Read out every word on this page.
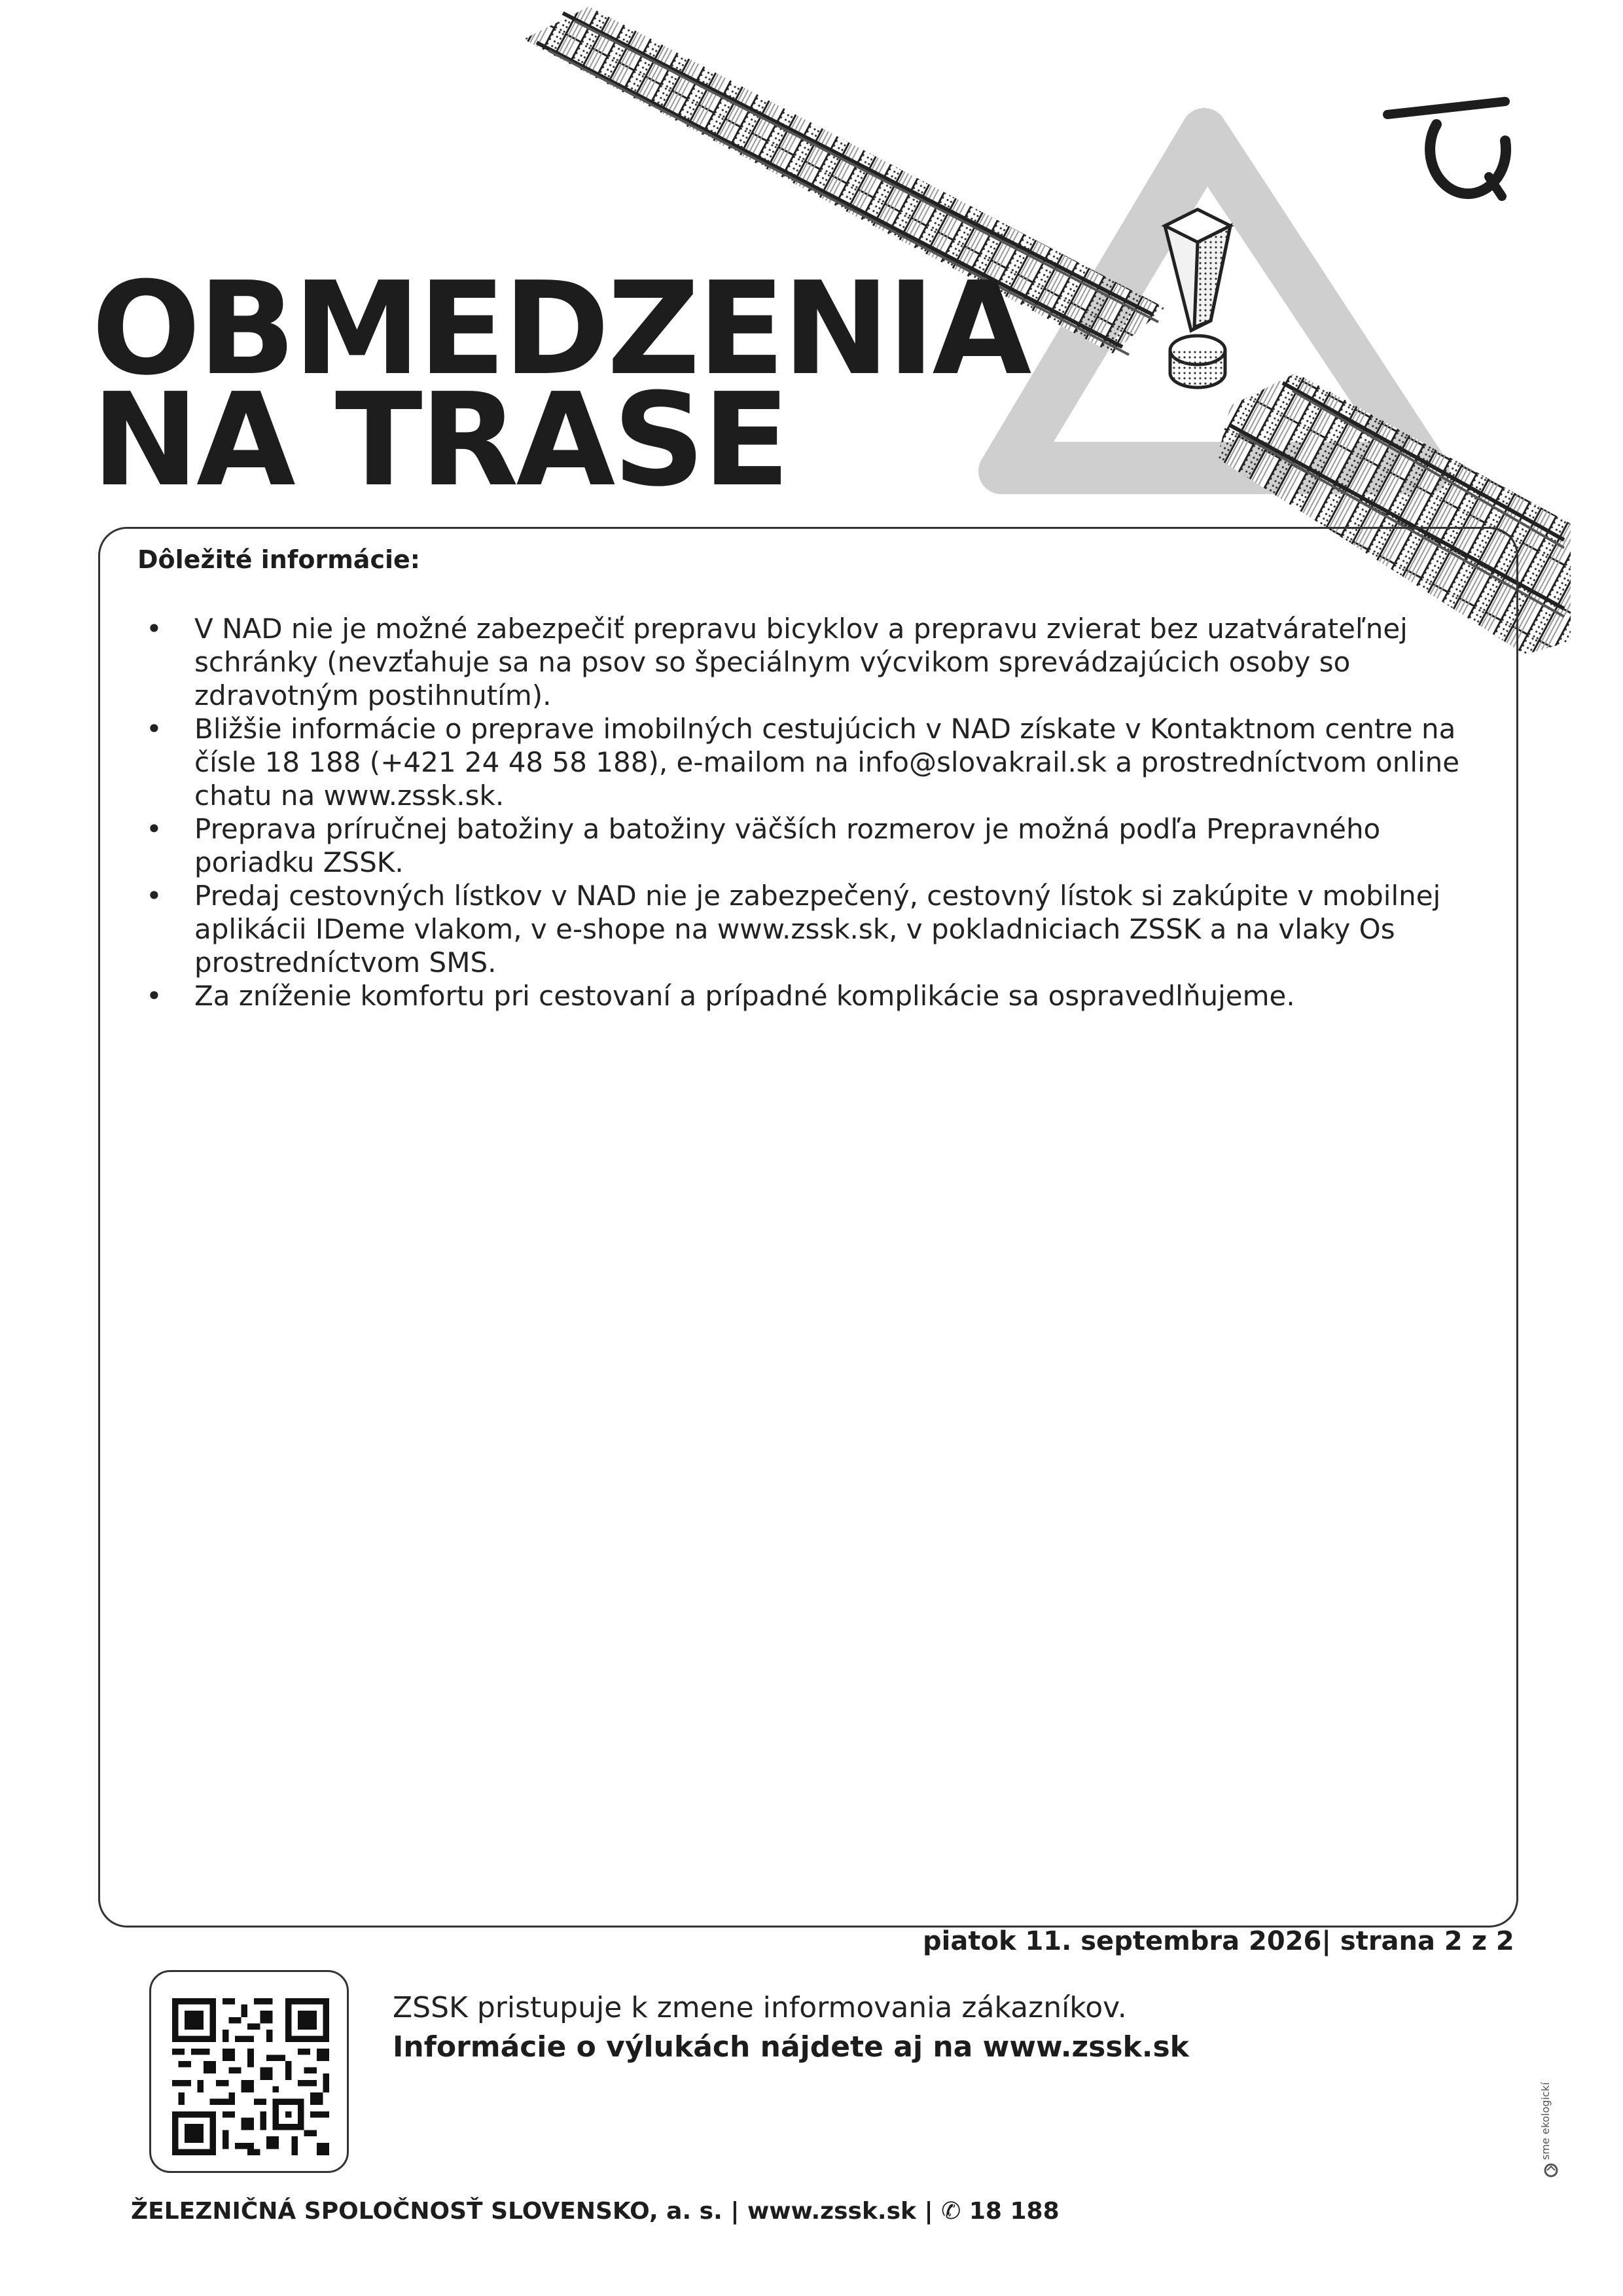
OBMEDZENIA
NA TRASE
Dôležité informácie:
• V NAD nie je možné zabezpečiť prepravu bicyklov a prepravu zvierat bez uzatvárateľnej schránky (nevzťahuje sa na psov so špeciálnym výcvikom sprevádzajúcich osoby so zdravotným postihnutím).
• Bližšie informácie o preprave imobilných cestujúcich v NAD získate v Kontaktnom centre na čísle 18 188 (+421 24 48 58 188), e-mailom na info@slovakrail.sk a prostredníctvom online chatu na www.zssk.sk.
• Preprava príručnej batožiny a batožiny väčších rozmerov je možná podľa Prepravného poriadku ZSSK.
• Predaj cestovných lístkov v NAD nie je zabezpečený, cestovný lístok si zakúpite v mobilnej aplikácii IDeme vlakom, v e-shope na www.zssk.sk, v pokladniciach ZSSK a na vlaky Os prostredníctvom SMS.
• Za zníženie komfortu pri cestovaní a prípadné komplikácie sa ospravedlňujeme.
piatok 11. septembra 2026| strana 2 z 2
ZSSK pristupuje k zmene informovania zákazníkov.
Informácie o výlukách nájdete aj na www.zssk.sk
ŽELEZNIČNÁ SPOLOČNOSŤ SLOVENSKO, a. s. | www.zssk.sk | ✆ 18 188
sme ekologickí
